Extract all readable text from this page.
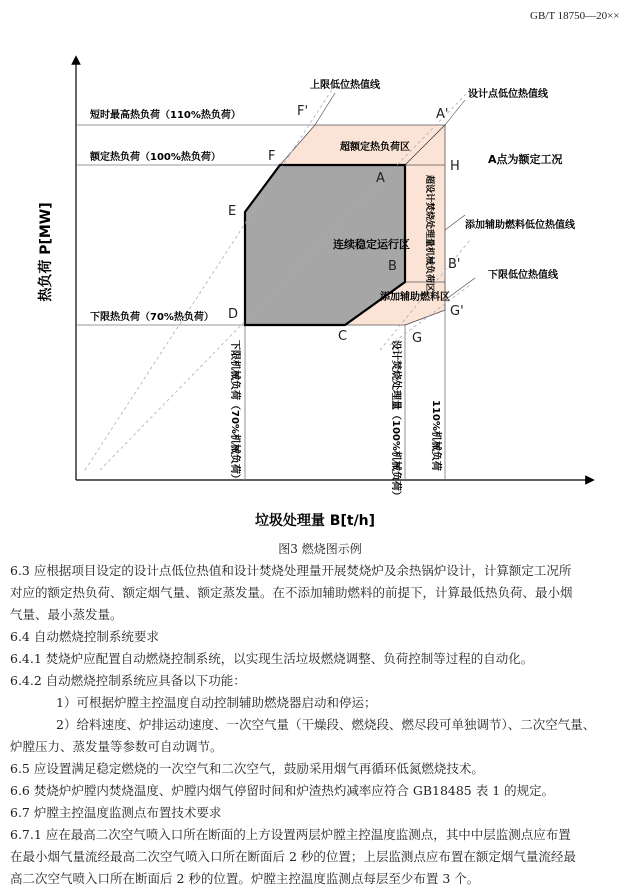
GB/T 18750—20××
热负荷 P[MW]
垃圾处理量 B[t/h]
短时最高热负荷（110%热负荷）
额定热负荷（100%热负荷）
下限热负荷（70%热负荷）
上限低位热值线
设计点低位热值线
A点为额定工况
添加辅助燃料低位热值线
下限低位热值线
超额定热负荷区
连续稳定运行区 超设计焚烧处理量机械负荷区
添加辅助燃料区
A
B
C
D
E
F
F'	A'
H
B'
G'
G
下限机械负荷（70%机械负荷）	设计焚烧处理量（100%机械负荷）	110%机械负荷
图3 燃烧图示例

6.3 应根据项目设定的设计点低位热值和设计焚烧处理量开展焚烧炉及余热锅炉设计，计算额定工况所

对应的额定热负荷、额定烟气量、额定蒸发量。在不添加辅助燃料的前提下，计算最低热负荷、最小烟

气量、最小蒸发量。

6.4 自动燃烧控制系统要求

6.4.1 焚烧炉应配置自动燃烧控制系统，以实现生活垃圾燃烧调整、负荷控制等过程的自动化。

6.4.2 自动燃烧控制系统应具备以下功能：

1）可根据炉膛主控温度自动控制辅助燃烧器启动和停运；

2）给料速度、炉排运动速度、一次空气量（干燥段、燃烧段、燃尽段可单独调节）、二次空气量、

炉膛压力、蒸发量等参数可自动调节。

6.5 应设置满足稳定燃烧的一次空气和二次空气，鼓励采用烟气再循环低氮燃烧技术。

6.6 焚烧炉炉膛内焚烧温度、炉膛内烟气停留时间和炉渣热灼减率应符合 GB18485 表 1 的规定。

6.7 炉膛主控温度监测点布置技术要求

6.7.1 应在最高二次空气喷入口所在断面的上方设置两层炉膛主控温度监测点，其中中层监测点应布置

在最小烟气量流经最高二次空气喷入口所在断面后 2 秒的位置；上层监测点应布置在额定烟气量流经最

高二次空气喷入口所在断面后 2 秒的位置。炉膛主控温度监测点每层至少布置 3 个。
